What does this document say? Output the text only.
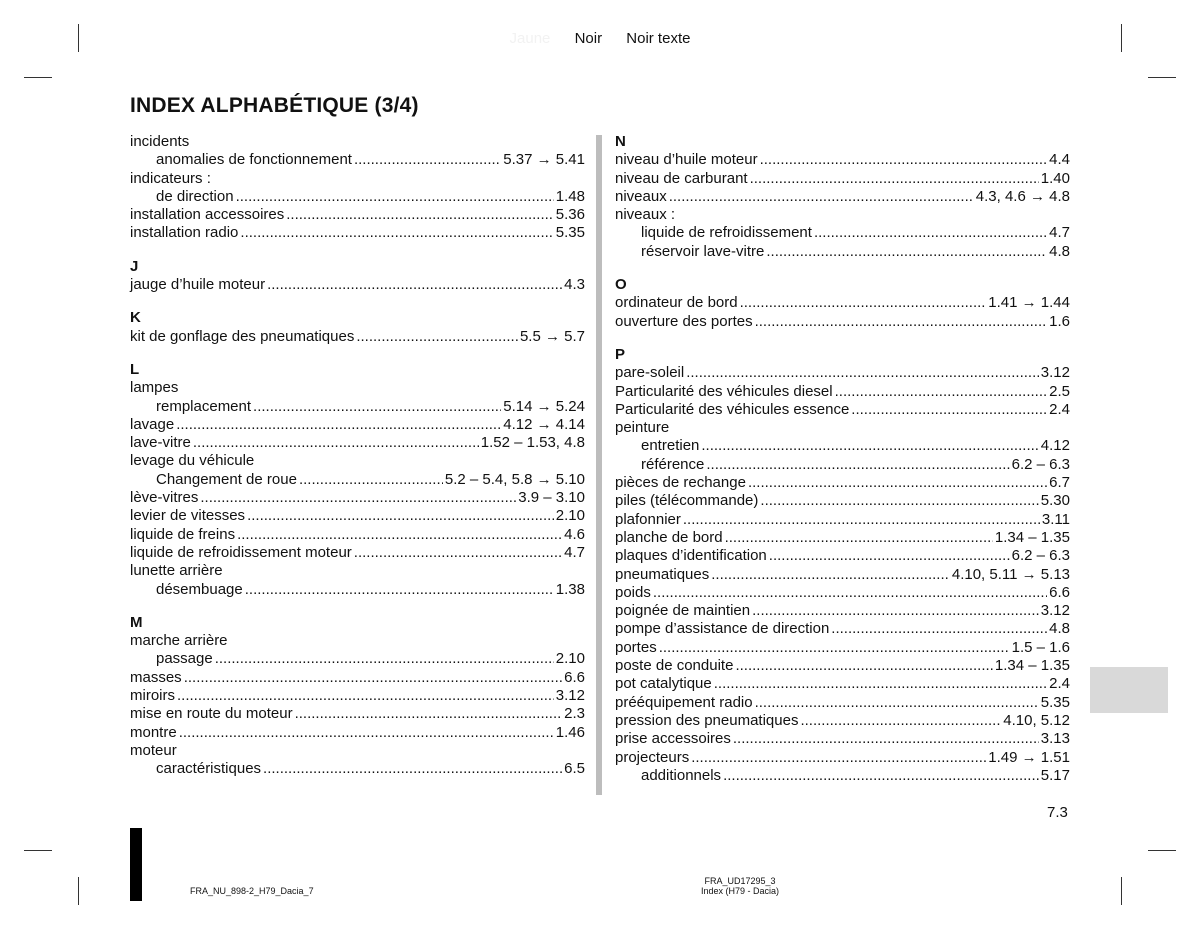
Jaune Noir Noir texte
INDEX ALPHABÉTIQUE (3/4)
incidents
anomalies de fonctionnement .....	5.37 → 5.41
indicateurs :
de direction .....	1.48
installation accessoires .....	5.36
installation radio .....	5.35
J
jauge d’huile moteur .....	4.3
K
kit de gonflage des pneumatiques .....	5.5 → 5.7
L
lampes
remplacement .....	5.14 → 5.24
lavage .....	4.12 → 4.14
lave-vitre .....	1.52 – 1.53, 4.8
levage du véhicule
Changement de roue .....	5.2 – 5.4, 5.8 → 5.10
lève-vitres .....	3.9 – 3.10
levier de vitesses .....	2.10
liquide de freins .....	4.6
liquide de refroidissement moteur .....	4.7
lunette arrière
désembuage .....	1.38
M
marche arrière
passage .....	2.10
masses .....	6.6
miroirs .....	3.12
mise en route du moteur .....	2.3
montre .....	1.46
moteur
caractéristiques .....	6.5
N
niveau d’huile moteur .....	4.4
niveau de carburant .....	1.40
niveaux .....	4.3, 4.6 → 4.8
niveaux :
liquide de refroidissement .....	4.7
réservoir lave-vitre .....	4.8
O
ordinateur de bord .....	1.41 → 1.44
ouverture des portes .....	1.6
P
pare-soleil .....	3.12
Particularité des véhicules diesel .....	2.5
Particularité des véhicules essence .....	2.4
peinture
entretien .....	4.12
référence .....	6.2 – 6.3
pièces de rechange .....	6.7
piles (télécommande) .....	5.30
plafonnier .....	3.11
planche de bord .....	1.34 – 1.35
plaques d’identification .....	6.2 – 6.3
pneumatiques .....	4.10, 5.11 → 5.13
poids .....	6.6
poignée de maintien .....	3.12
pompe d’assistance de direction .....	4.8
portes .....	1.5 – 1.6
poste de conduite .....	1.34 – 1.35
pot catalytique .....	2.4
prééquipement radio .....	5.35
pression des pneumatiques .....	4.10, 5.12
prise accessoires .....	3.13
projecteurs .....	1.49 → 1.51
additionnels .....	5.17
7.3
FRA_NU_898-2_H79_Dacia_7
FRA_UD17295_3
Index (H79 - Dacia)
